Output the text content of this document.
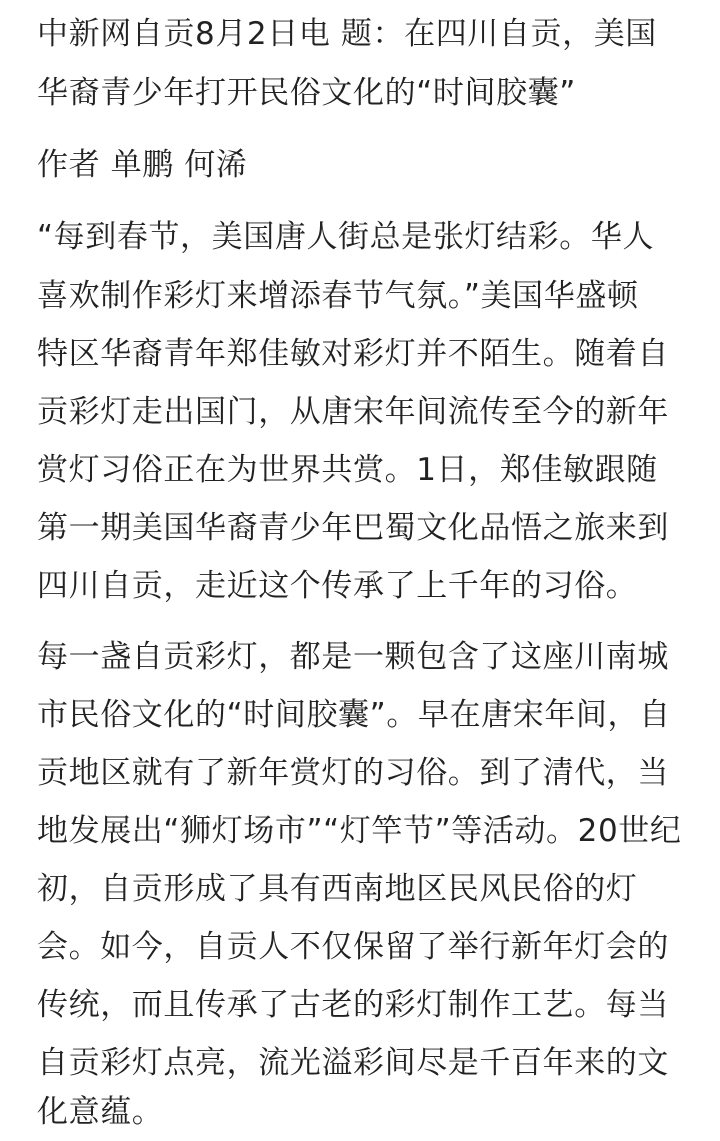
中新网自贡8月2日电 题：在四川自贡，美国
华裔青少年打开民俗文化的“时间胶囊”
作者 单鹏 何浠
“每到春节，美国唐人街总是张灯结彩。华人
喜欢制作彩灯来增添春节气氛。”美国华盛顿
特区华裔青年郑佳敏对彩灯并不陌生。随着自
贡彩灯走出国门，从唐宋年间流传至今的新年
赏灯习俗正在为世界共赏。1日，郑佳敏跟随
第一期美国华裔青少年巴蜀文化品悟之旅来到
四川自贡，走近这个传承了上千年的习俗。
每一盏自贡彩灯，都是一颗包含了这座川南城
市民俗文化的“时间胶囊”。早在唐宋年间，自
贡地区就有了新年赏灯的习俗。到了清代，当
地发展出“狮灯场市”“灯竿节”等活动。20世纪
初，自贡形成了具有西南地区民风民俗的灯
会。如今，自贡人不仅保留了举行新年灯会的
传统，而且传承了古老的彩灯制作工艺。每当
自贡彩灯点亮，流光溢彩间尽是千百年来的文
化意蕴。
